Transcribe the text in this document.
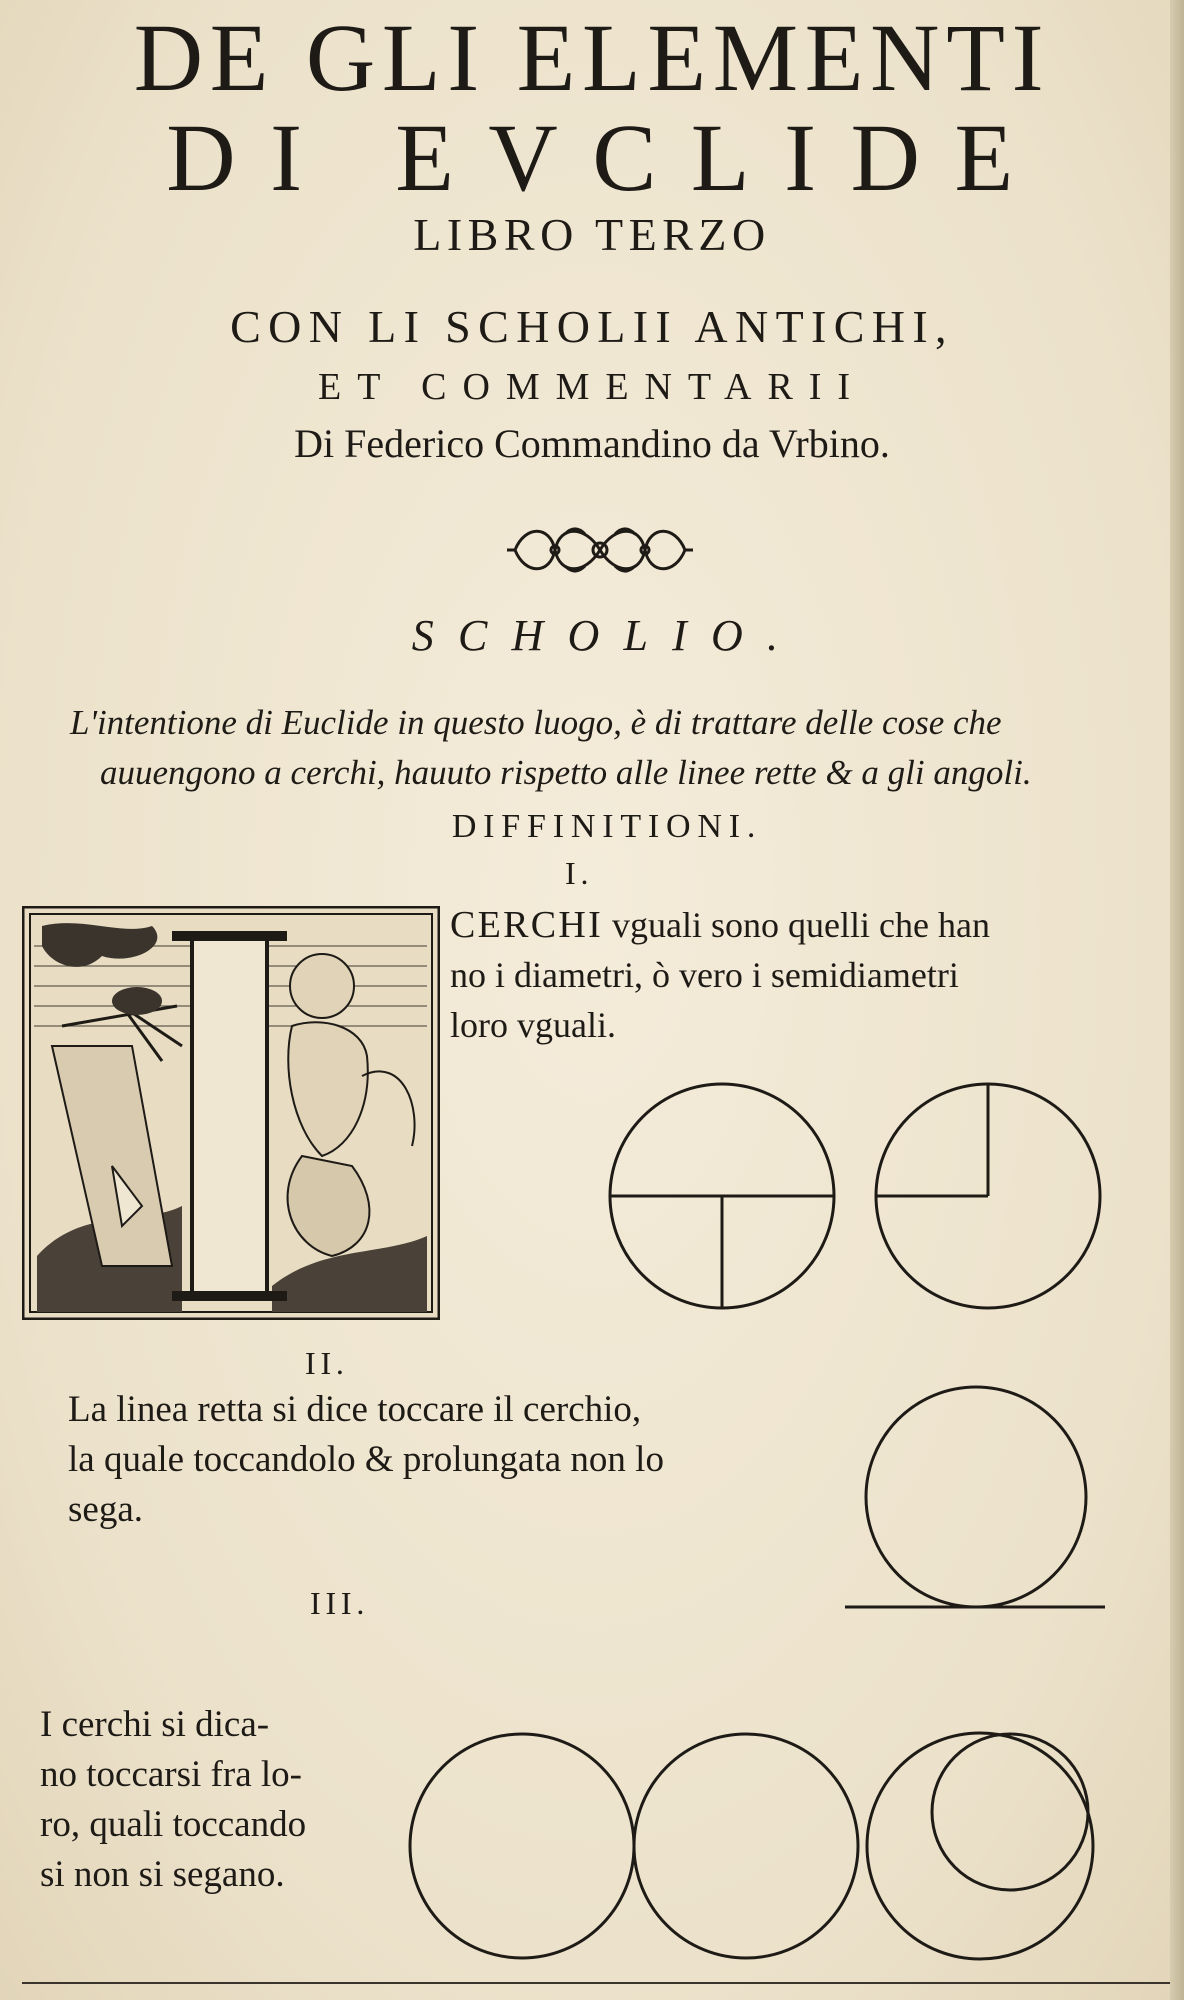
DE GLI ELEMENTI
DI EVCLIDE
LIBRO TERZO
CON LI SCHOLII ANTICHI,
ET COMMENTARII
Di Federico Commandino da Vrbino.
SCHOLIO.
L'intentione di Euclide in questo luogo, è di trattare delle cose che
auuengono a cerchi, hauuto rispetto alle linee rette & a gli angoli.
DIFFINITIONI.
I.
CERCHI vguali sono quelli che han
no i diametri, ò vero i semidiametri
loro vguali.
II.
La linea retta si dice toccare il cerchio,
la quale toccandolo & prolungata non lo
sega.
III.
I cerchi si dica-
no toccarsi fra lo-
ro, quali toccando
si non si segano.
